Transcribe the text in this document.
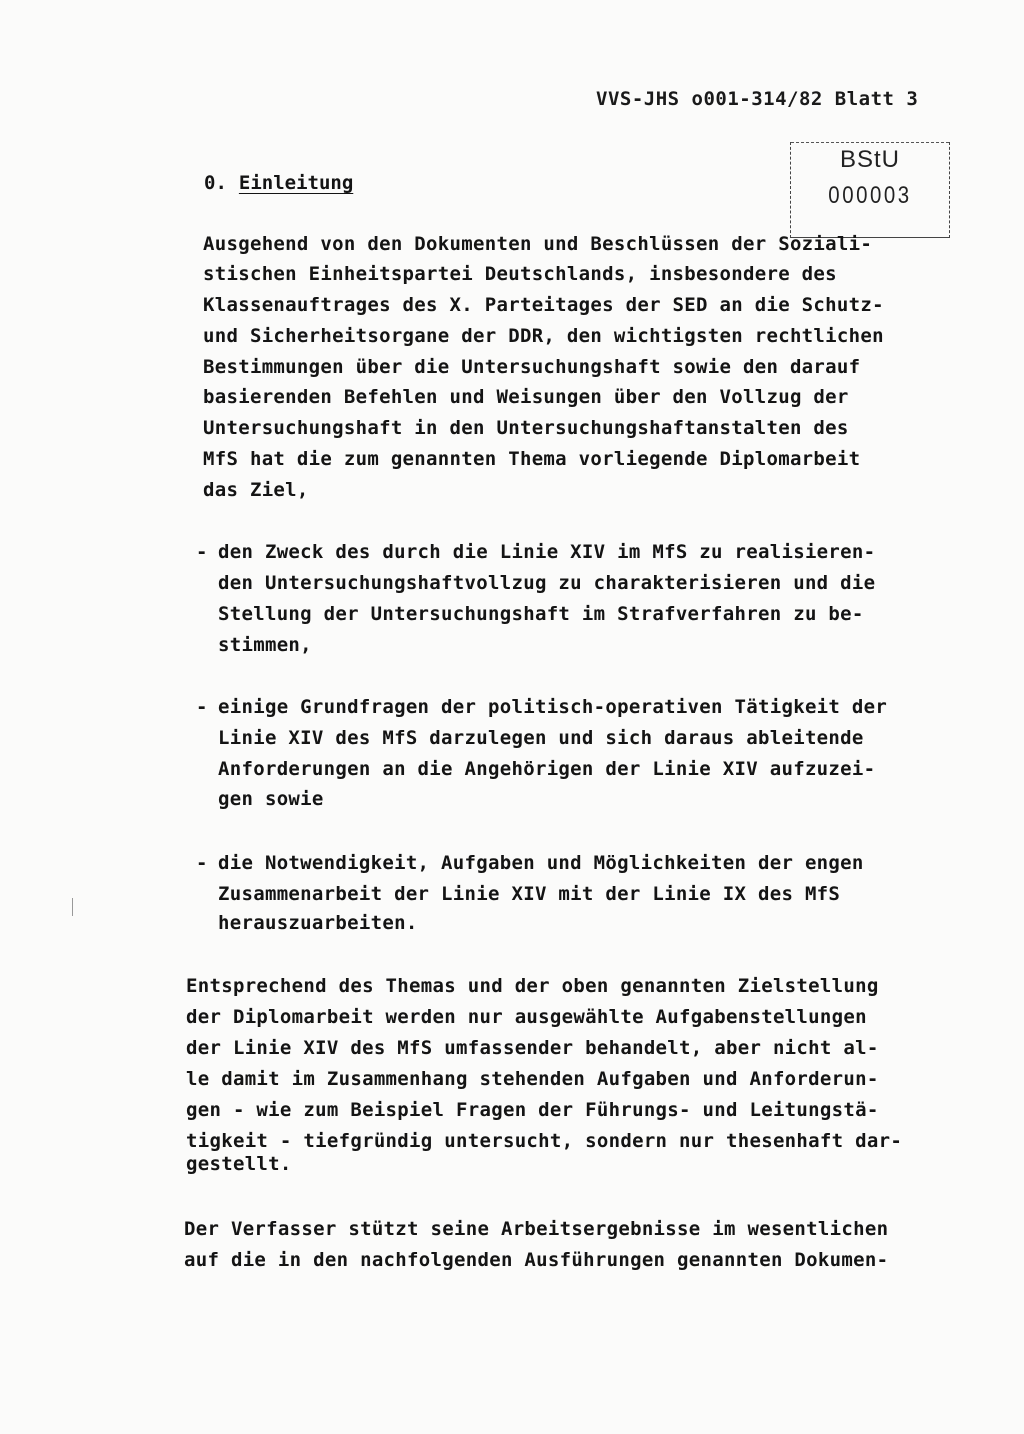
VVS-JHS o001-314/82 Blatt 3
BStU
000003
0. Einleitung
Ausgehend von den Dokumenten und Beschlüssen der Soziali-
stischen Einheitspartei Deutschlands, insbesondere des
Klassenauftrages des X. Parteitages der SED an die Schutz-
und Sicherheitsorgane der DDR, den wichtigsten rechtlichen
Bestimmungen über die Untersuchungshaft sowie den darauf
basierenden Befehlen und Weisungen über den Vollzug der
Untersuchungshaft in den Untersuchungshaftanstalten des
MfS hat die zum genannten Thema vorliegende Diplomarbeit
das Ziel,
- den Zweck des durch die Linie XIV im MfS zu realisieren-
den Untersuchungshaftvollzug zu charakterisieren und die
Stellung der Untersuchungshaft im Strafverfahren zu be-
stimmen,
- einige Grundfragen der politisch-operativen Tätigkeit der
Linie XIV des MfS darzulegen und sich daraus ableitende
Anforderungen an die Angehörigen der Linie XIV aufzuzei-
gen sowie
- die Notwendigkeit, Aufgaben und Möglichkeiten der engen
Zusammenarbeit der Linie XIV mit der Linie IX des MfS
herauszuarbeiten.
Entsprechend des Themas und der oben genannten Zielstellung
der Diplomarbeit werden nur ausgewählte Aufgabenstellungen
der Linie XIV des MfS umfassender behandelt, aber nicht al-
le damit im Zusammenhang stehenden Aufgaben und Anforderun-
gen - wie zum Beispiel Fragen der Führungs- und Leitungstä-
tigkeit - tiefgründig untersucht, sondern nur thesenhaft dar-
gestellt.
Der Verfasser stützt seine Arbeitsergebnisse im wesentlichen
auf die in den nachfolgenden Ausführungen genannten Dokumen-
